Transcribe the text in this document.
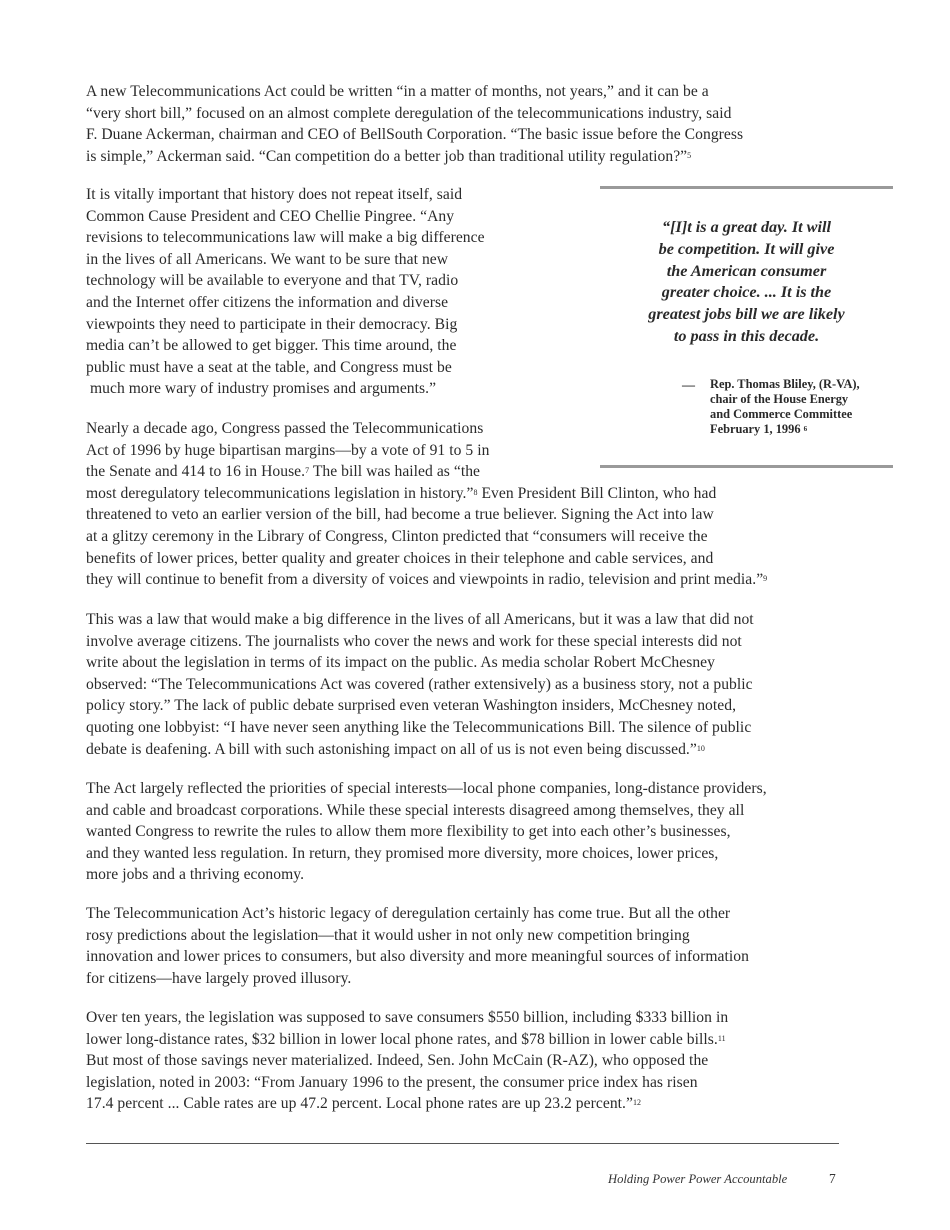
A new Telecommunications Act could be written “in a matter of months, not years,” and it can be a
“very short bill,” focused on an almost complete deregulation of the telecommunications industry, said
F. Duane Ackerman, chairman and CEO of BellSouth Corporation. “The basic issue before the Congress
is simple,” Ackerman said. “Can competition do a better job than traditional utility regulation?”$^5$

It is vitally important that history does not repeat itself, said
Common Cause President and CEO Chellie Pingree. “Any
revisions to telecommunications law will make a big difference
in the lives of all Americans. We want to be sure that new
technology will be available to everyone and that TV, radio
and the Internet offer citizens the information and diverse
viewpoints they need to participate in their democracy. Big
media can’t be allowed to get bigger. This time around, the
public must have a seat at the table, and Congress must be
much more wary of industry promises and arguments.”

Nearly a decade ago, Congress passed the Telecommunications
Act of 1996 by huge bipartisan margins—by a vote of 91 to 5 in
the Senate and 414 to 16 in House.$^7$ The bill was hailed as “the
most deregulatory telecommunications legislation in history.”$^8$ Even President Bill Clinton, who had
threatened to veto an earlier version of the bill, had become a true believer. Signing the Act into law
at a glitzy ceremony in the Library of Congress, Clinton predicted that “consumers will receive the
benefits of lower prices, better quality and greater choices in their telephone and cable services, and
they will continue to benefit from a diversity of voices and viewpoints in radio, television and print media.”$^9$

This was a law that would make a big difference in the lives of all Americans, but it was a law that did not
involve average citizens. The journalists who cover the news and work for these special interests did not
write about the legislation in terms of its impact on the public. As media scholar Robert McChesney
observed: “The Telecommunications Act was covered (rather extensively) as a business story, not a public
policy story.” The lack of public debate surprised even veteran Washington insiders, McChesney noted,
quoting one lobbyist: “I have never seen anything like the Telecommunications Bill. The silence of public
debate is deafening. A bill with such astonishing impact on all of us is not even being discussed.”$^{10}$

The Act largely reflected the priorities of special interests—local phone companies, long-distance providers,
and cable and broadcast corporations. While these special interests disagreed among themselves, they all
wanted Congress to rewrite the rules to allow them more flexibility to get into each other’s businesses,
and they wanted less regulation. In return, they promised more diversity, more choices, lower prices,
more jobs and a thriving economy.

The Telecommunication Act’s historic legacy of deregulation certainly has come true. But all the other
rosy predictions about the legislation—that it would usher in not only new competition bringing
innovation and lower prices to consumers, but also diversity and more meaningful sources of information
for citizens—have largely proved illusory.

Over ten years, the legislation was supposed to save consumers $550 billion, including $333 billion in
lower long-distance rates, $32 billion in lower local phone rates, and $78 billion in lower cable bills.$^{11}$
But most of those savings never materialized. Indeed, Sen. John McCain (R-AZ), who opposed the
legislation, noted in 2003: “From January 1996 to the present, the consumer price index has risen
17.4 percent ... Cable rates are up 47.2 percent. Local phone rates are up 23.2 percent.”$^{12}$

“[I]t is a great day. It will
be competition. It will give
the American consumer
greater choice. ... It is the
greatest jobs bill we are likely
to pass in this decade.

— Rep. Thomas Bliley, (R-VA),
chair of the House Energy
and Commerce Committee
February 1, 1996 $^6$

Holding Power Power Accountable	7
